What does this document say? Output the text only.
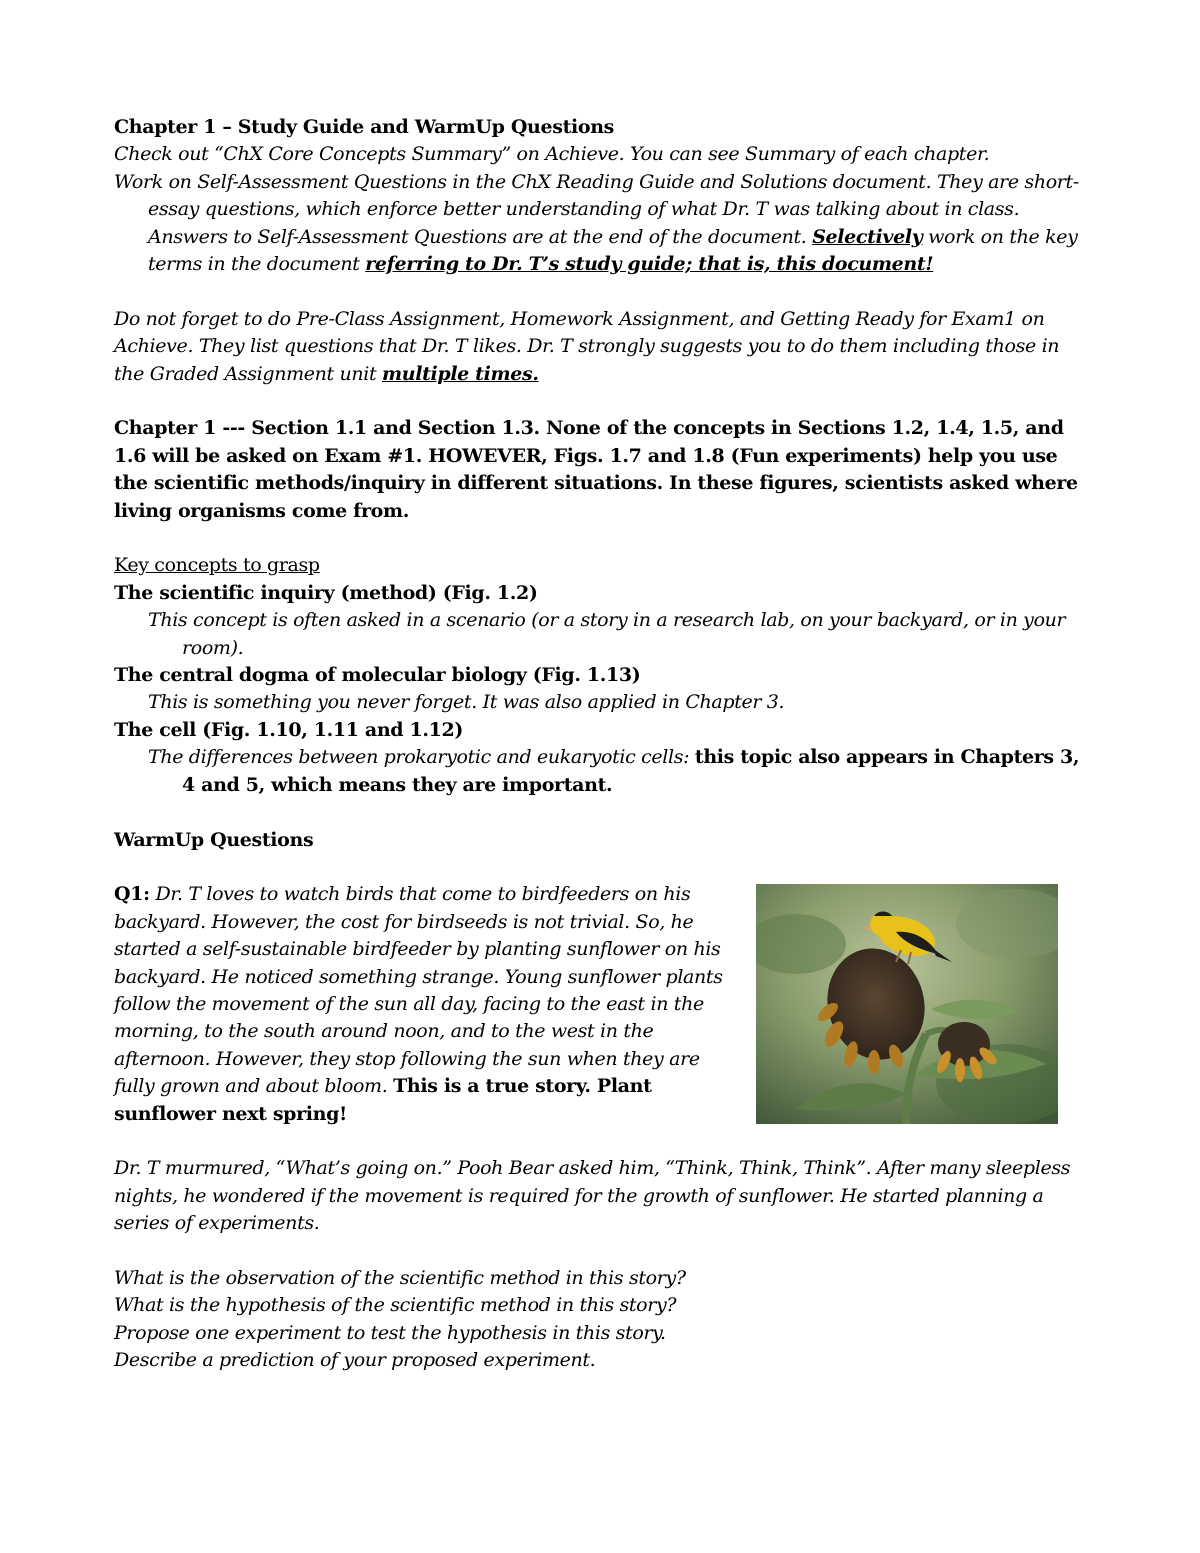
Chapter 1 – Study Guide and WarmUp Questions

Check out “ChX Core Concepts Summary” on Achieve. You can see Summary of each chapter.

Work on Self-Assessment Questions in the ChX Reading Guide and Solutions document. They are short-essay questions, which enforce better understanding of what Dr. T was talking about in class. Answers to Self-Assessment Questions are at the end of the document. Selectively work on the key terms in the document referring to Dr. T’s study guide; that is, this document!

Do not forget to do Pre-Class Assignment, Homework Assignment, and Getting Ready for Exam1 on Achieve. They list questions that Dr. T likes. Dr. T strongly suggests you to do them including those in the Graded Assignment unit multiple times.

Chapter 1 --- Section 1.1 and Section 1.3. None of the concepts in Sections 1.2, 1.4, 1.5, and 1.6 will be asked on Exam #1. HOWEVER, Figs. 1.7 and 1.8 (Fun experiments) help you use the scientific methods/inquiry in different situations. In these figures, scientists asked where living organisms come from.

Key concepts to grasp

The scientific inquiry (method) (Fig. 1.2)

This concept is often asked in a scenario (or a story in a research lab, on your backyard, or in your room).

The central dogma of molecular biology (Fig. 1.13)

This is something you never forget. It was also applied in Chapter 3.

The cell (Fig. 1.10, 1.11 and 1.12)

The differences between prokaryotic and eukaryotic cells: this topic also appears in Chapters 3, 4 and 5, which means they are important.

WarmUp Questions

Q1: Dr. T loves to watch birds that come to birdfeeders on his backyard. However, the cost for birdseeds is not trivial. So, he started a self-sustainable birdfeeder by planting sunflower on his backyard. He noticed something strange. Young sunflower plants follow the movement of the sun all day, facing to the east in the morning, to the south around noon, and to the west in the afternoon. However, they stop following the sun when they are fully grown and about bloom. This is a true story. Plant sunflower next spring!

Dr. T murmured, “What’s going on.” Pooh Bear asked him, “Think, Think, Think”. After many sleepless nights, he wondered if the movement is required for the growth of sunflower. He started planning a series of experiments.

What is the observation of the scientific method in this story?

What is the hypothesis of the scientific method in this story?

Propose one experiment to test the hypothesis in this story.

Describe a prediction of your proposed experiment.
